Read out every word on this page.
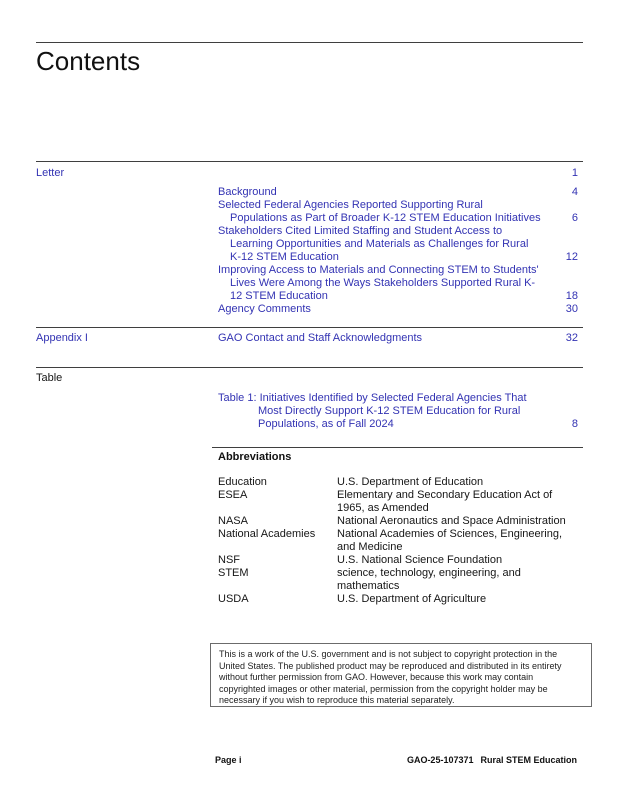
Contents
Letter	1
Background	4
Selected Federal Agencies Reported Supporting Rural
Populations as Part of Broader K-12 STEM Education Initiatives	6
Stakeholders Cited Limited Staffing and Student Access to
Learning Opportunities and Materials as Challenges for Rural
K-12 STEM Education	12
Improving Access to Materials and Connecting STEM to Students'
Lives Were Among the Ways Stakeholders Supported Rural K-
12 STEM Education	18
Agency Comments	30
Appendix I	GAO Contact and Staff Acknowledgments	32
Table
Table 1: Initiatives Identified by Selected Federal Agencies That
Most Directly Support K-12 STEM Education for Rural
Populations, as of Fall 2024	8
Abbreviations
Education	U.S. Department of Education
ESEA	Elementary and Secondary Education Act of 1965, as Amended
NASA	National Aeronautics and Space Administration
National Academies	National Academies of Sciences, Engineering, and Medicine
NSF	U.S. National Science Foundation
STEM	science, technology, engineering, and mathematics
USDA	U.S. Department of Agriculture
This is a work of the U.S. government and is not subject to copyright protection in the
United States. The published product may be reproduced and distributed in its entirety
without further permission from GAO. However, because this work may contain
copyrighted images or other material, permission from the copyright holder may be
necessary if you wish to reproduce this material separately.
Page i	GAO-25-107371 Rural STEM Education
